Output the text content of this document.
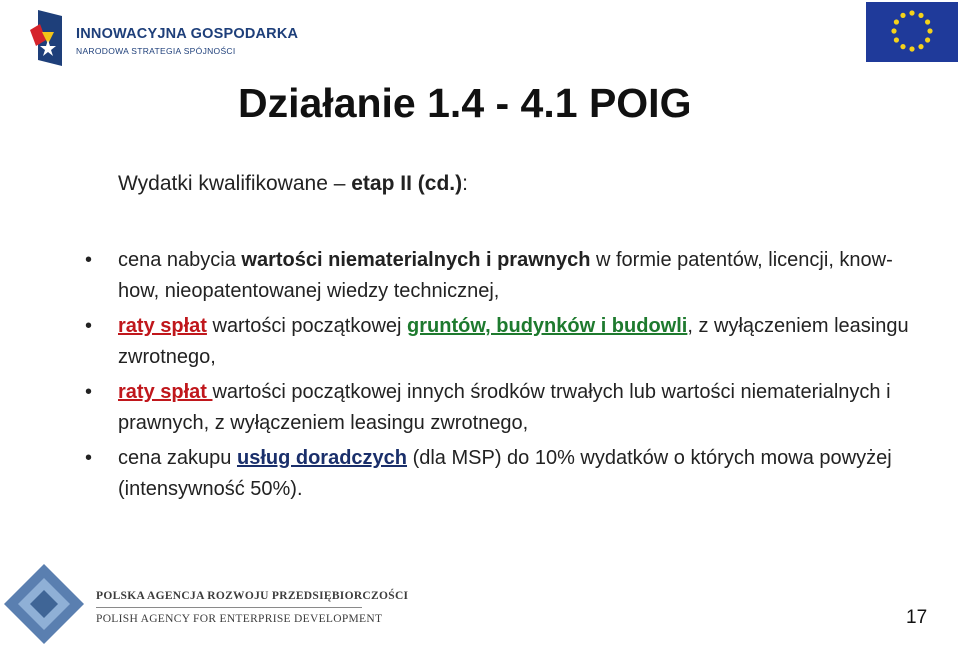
INNOWACYJNA GOSPODARKA
NARODOWA STRATEGIA SPÓJNOŚCI
Działanie 1.4 - 4.1 POIG
Wydatki kwalifikowane – etap II (cd.):
• cena nabycia wartości niematerialnych i prawnych w formie patentów, licencji, know-how, nieopatentowanej wiedzy technicznej,
• raty spłat wartości początkowej gruntów, budynków i budowli, z wyłączeniem leasingu zwrotnego,
• raty spłat wartości początkowej innych środków trwałych lub wartości niematerialnych i prawnych, z wyłączeniem leasingu zwrotnego,
• cena zakupu usług doradczych (dla MSP) do 10% wydatków o których mowa powyżej (intensywność 50%).
POLSKA AGENCJA ROZWOJU PRZEDSIĘBIORCZOŚCI
POLISH AGENCY FOR ENTERPRISE DEVELOPMENT	17
